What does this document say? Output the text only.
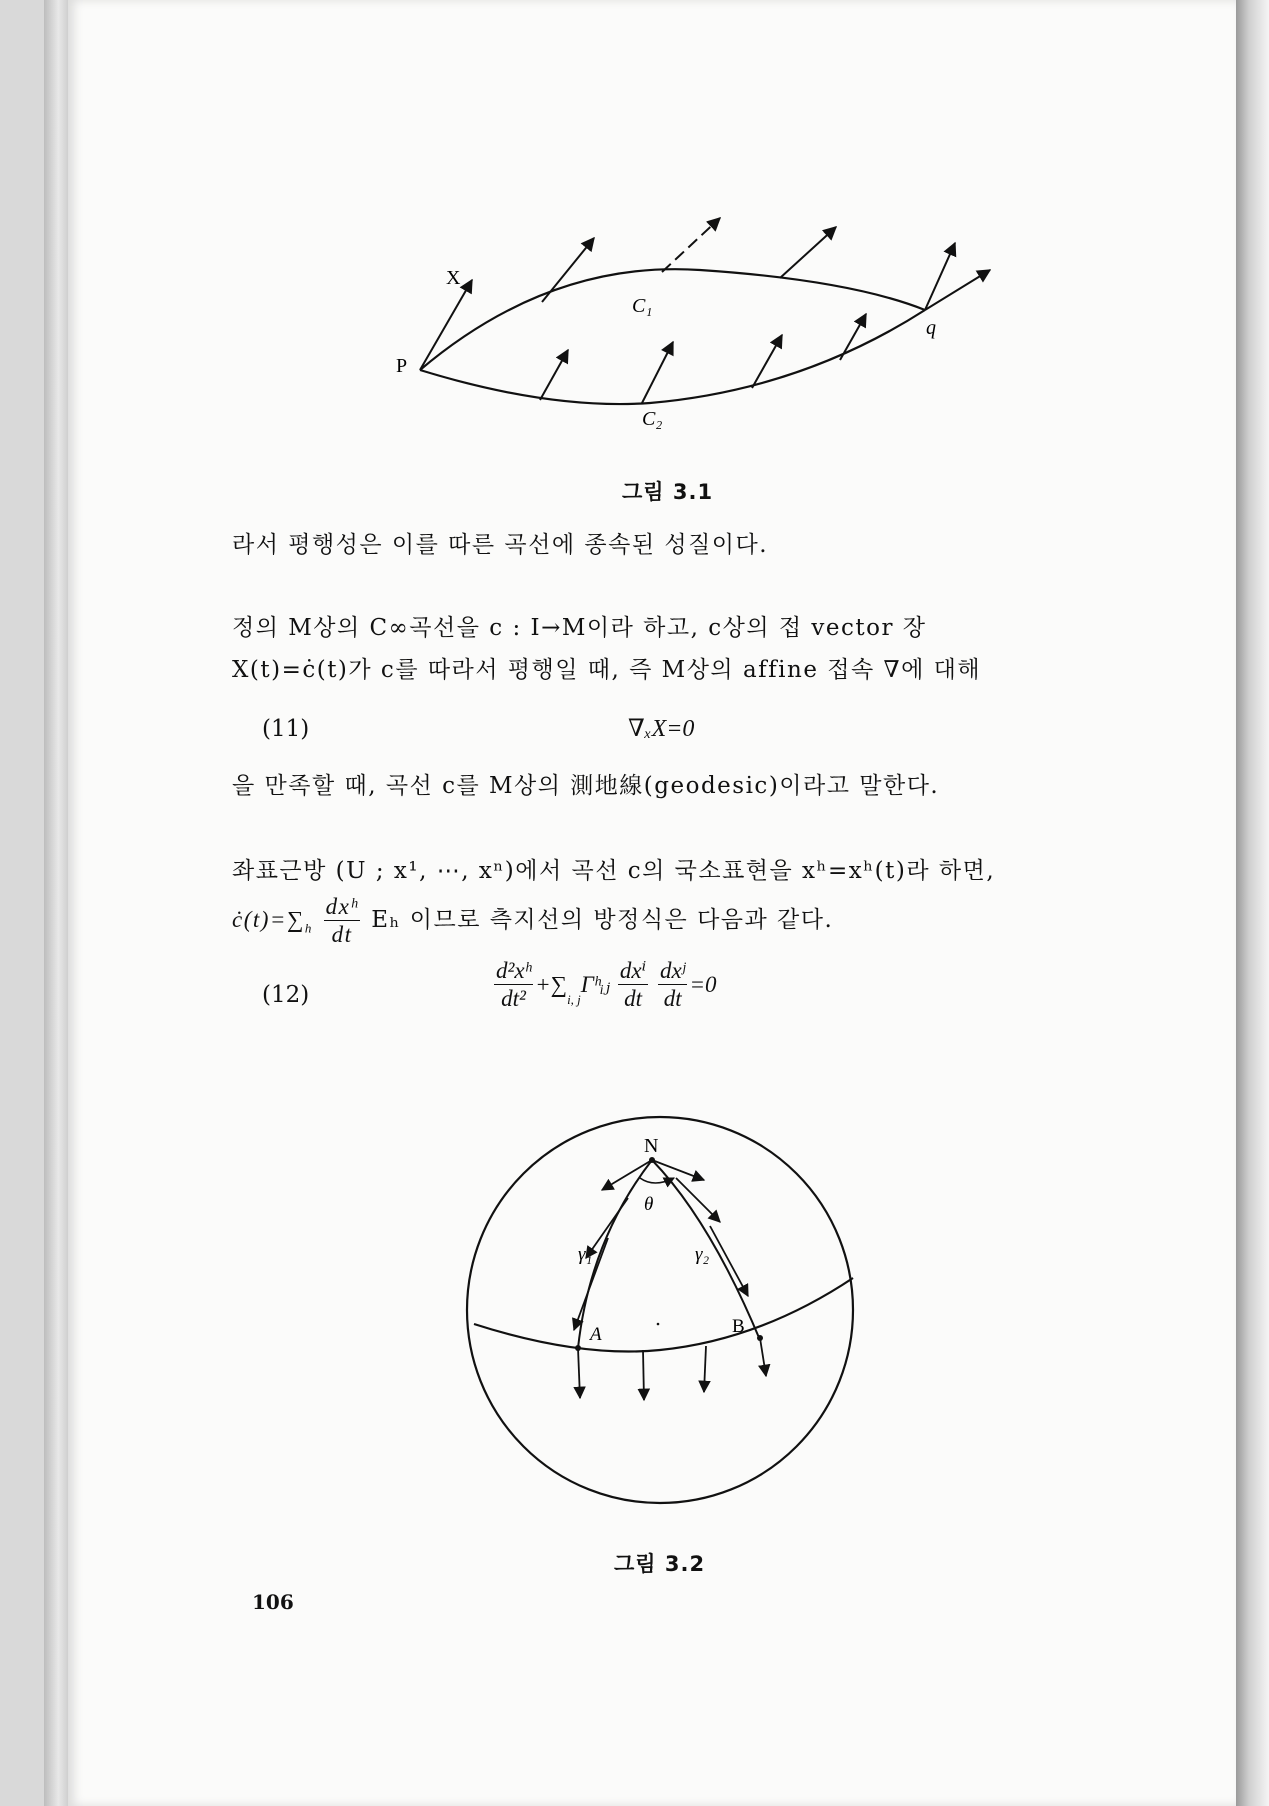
X
P
q
C₁
C₂
그림 3.1
라서 평행성은 이를 따른 곡선에 종속된 성질이다.
정의 M상의 C∞곡선을 c : I→M이라 하고, c상의 접 vector 장
X(t)=ċ(t)가 c를 따라서 평행일 때, 즉 M상의 affine 접속 ∇에 대해
(11)	∇ₓX=0
을 만족할 때, 곡선 c를 M상의 測地線(geodesic)이라고 말한다.
좌표근방 (U ; x¹, ⋯, xⁿ)에서 곡선 c의 국소표현을 xʰ=xʰ(t)라 하면,
$ċ(t)=\sum_h \frac{\text{dxʰ}}{dt}$ Eₕ 이므로 측지선의 방정식은 다음과 같다.
(12)	$\frac{\text{d²xʰ}}{\text{dt²}}$ $+\sum_{i, j}\Gamma ʰᵢⱼ \frac{\text{dxⁱ}}{dt}$
$\frac{\text{dxʲ}}{dt} =0$
N
θ
γ₁	γ₂
A	B
그림 3.2
106
